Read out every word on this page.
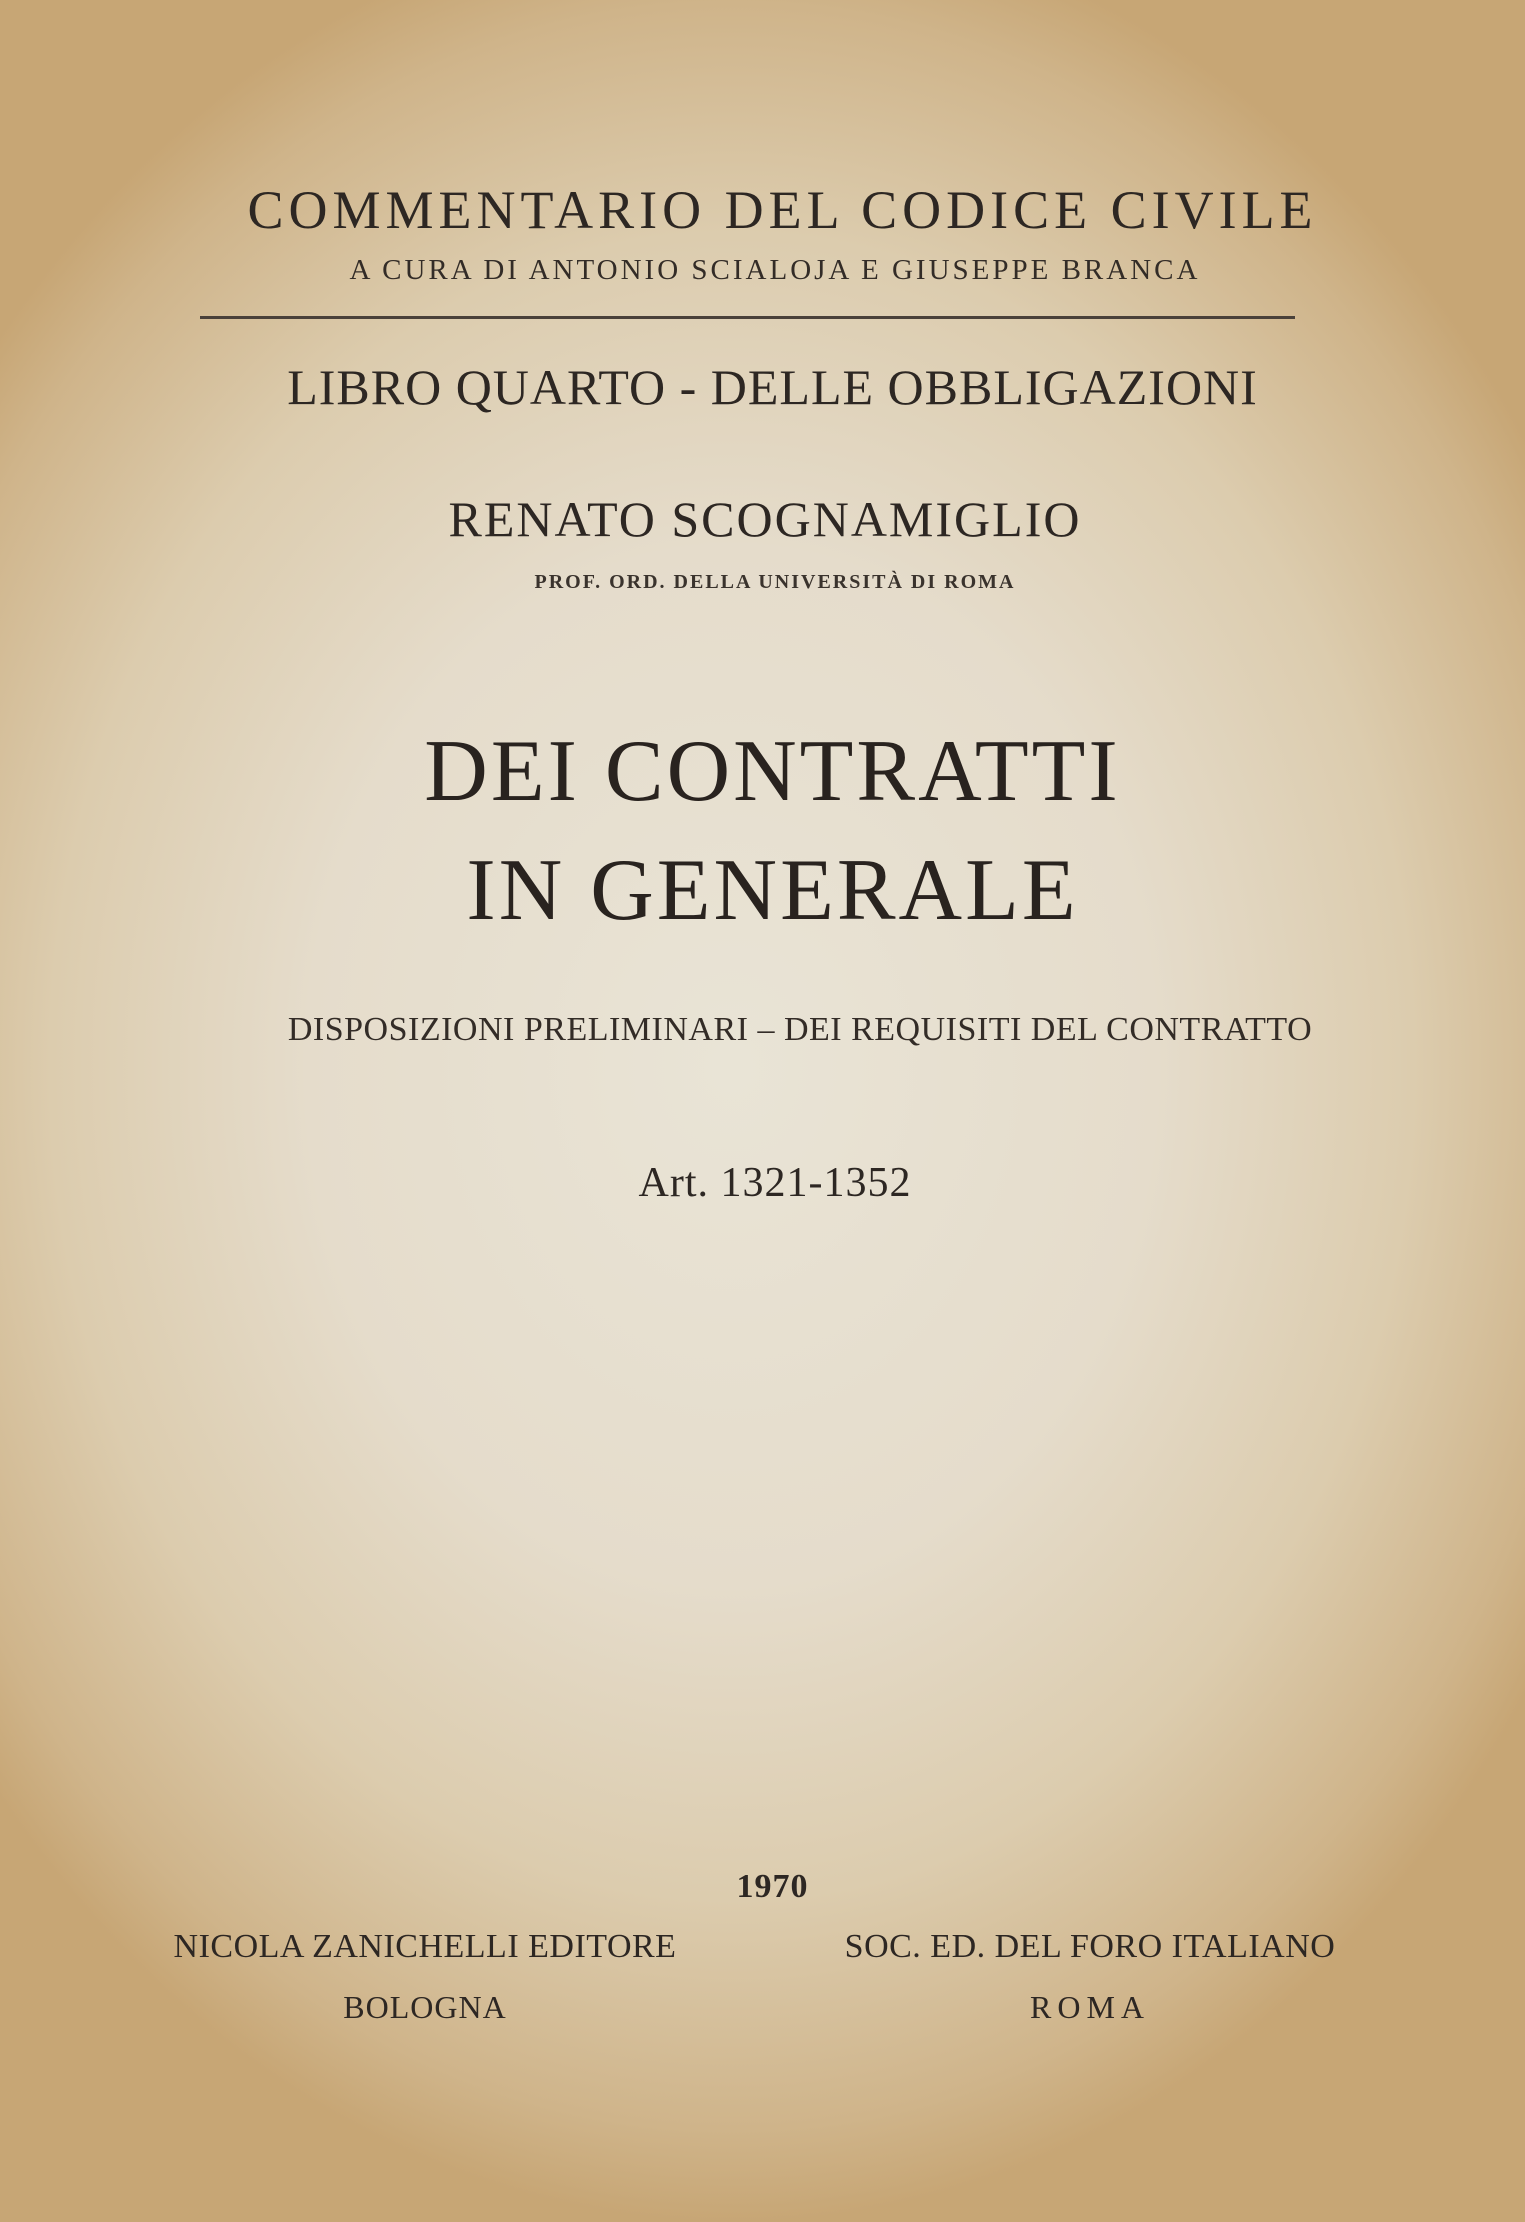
COMMENTARIO DEL CODICE CIVILE
A CURA DI ANTONIO SCIALOJA E GIUSEPPE BRANCA
LIBRO QUARTO - DELLE OBBLIGAZIONI
RENATO SCOGNAMIGLIO
PROF. ORD. DELLA UNIVERSITÀ DI ROMA
DEI CONTRATTI
IN GENERALE
DISPOSIZIONI PRELIMINARI – DEI REQUISITI DEL CONTRATTO
Art. 1321-1352
1970
NICOLA ZANICHELLI EDITORE	SOC. ED. DEL FORO ITALIANO
BOLOGNA	ROMA
